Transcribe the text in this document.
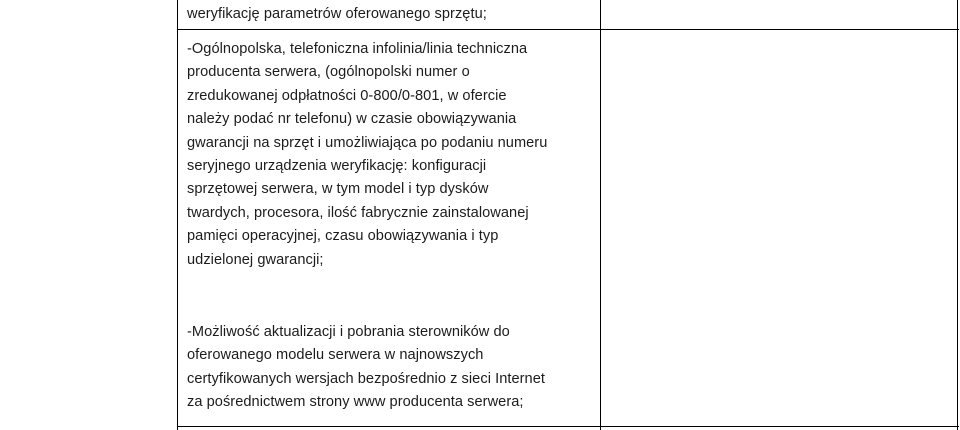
weryfikację parametrów oferowanego sprzętu;
-Ogólnopolska, telefoniczna infolinia/linia techniczna
producenta serwera, (ogólnopolski numer o
zredukowanej odpłatności 0-800/0-801, w ofercie
należy podać nr telefonu) w czasie obowiązywania
gwarancji na sprzęt i umożliwiająca po podaniu numeru
seryjnego urządzenia weryfikację: konfiguracji
sprzętowej serwera, w tym model i typ dysków
twardych, procesora, ilość fabrycznie zainstalowanej
pamięci operacyjnej, czasu obowiązywania i typ
udzielonej gwarancji;
-Możliwość aktualizacji i pobrania sterowników do
oferowanego modelu serwera w najnowszych
certyfikowanych wersjach bezpośrednio z sieci Internet
za pośrednictwem strony www producenta serwera;
